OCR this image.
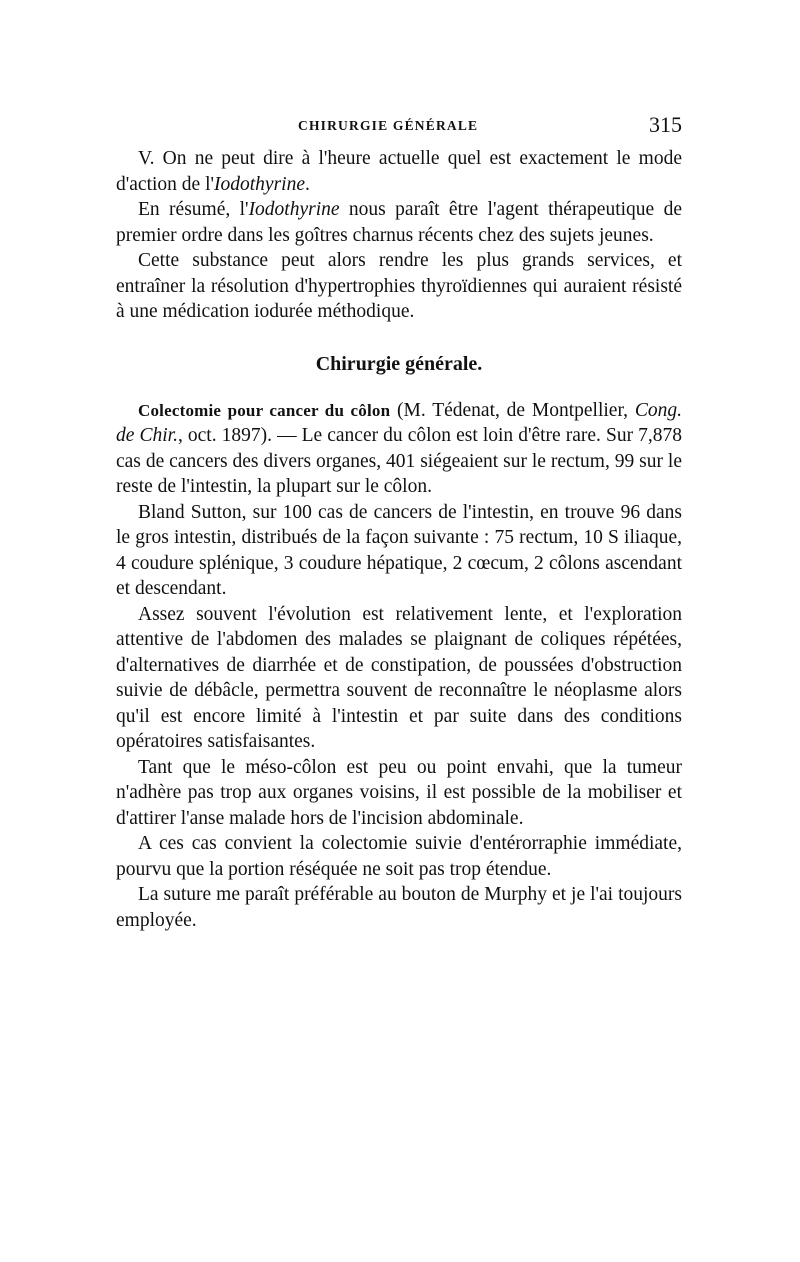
CHIRURGIE GÉNÉRALE	315

V. On ne peut dire à l'heure actuelle quel est exactement le mode d'action de l'Iodothyrine.

En résumé, l'Iodothyrine nous paraît être l'agent thérapeutique de premier ordre dans les goîtres charnus récents chez des sujets jeunes.

Cette substance peut alors rendre les plus grands services, et entraîner la résolution d'hypertrophies thyroïdiennes qui auraient résisté à une médication iodurée méthodique.

Chirurgie générale.

Colectomie pour cancer du côlon (M. Tédenat, de Montpellier, Cong. de Chir., oct. 1897). — Le cancer du côlon est loin d'être rare. Sur 7,878 cas de cancers des divers organes, 401 siégeaient sur le rectum, 99 sur le reste de l'intestin, la plupart sur le côlon.

Bland Sutton, sur 100 cas de cancers de l'intestin, en trouve 96 dans le gros intestin, distribués de la façon suivante : 75 rectum, 10 S iliaque, 4 coudure splénique, 3 coudure hépatique, 2 cœcum, 2 côlons ascendant et descendant.

Assez souvent l'évolution est relativement lente, et l'exploration attentive de l'abdomen des malades se plaignant de coliques répétées, d'alternatives de diarrhée et de constipation, de poussées d'obstruction suivie de débâcle, permettra souvent de reconnaître le néoplasme alors qu'il est encore limité à l'intestin et par suite dans des conditions opératoires satisfaisantes.

Tant que le méso-côlon est peu ou point envahi, que la tumeur n'adhère pas trop aux organes voisins, il est possible de la mobiliser et d'attirer l'anse malade hors de l'incision abdominale.

A ces cas convient la colectomie suivie d'entérorraphie immédiate, pourvu que la portion réséquée ne soit pas trop étendue.

La suture me paraît préférable au bouton de Murphy et je l'ai toujours employée.
